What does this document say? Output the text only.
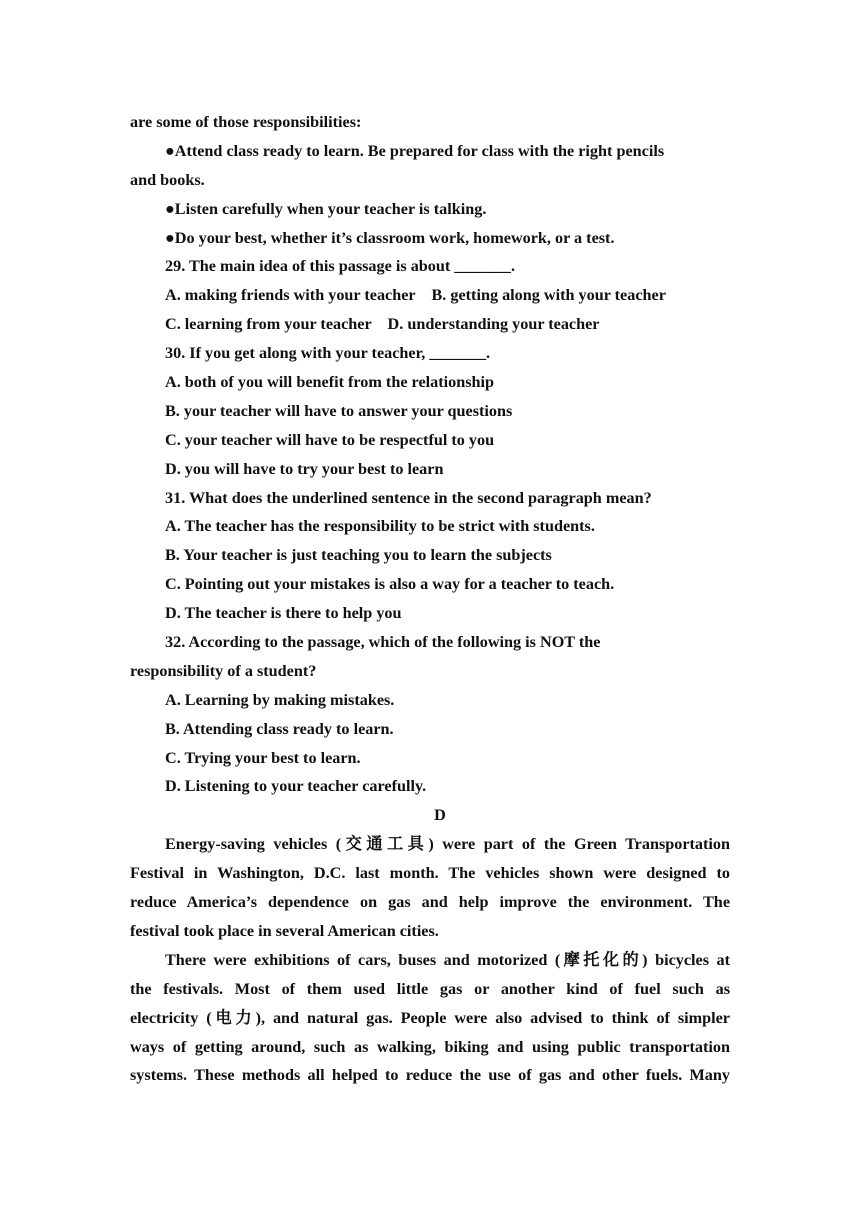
are some of those responsibilities:
●Attend class ready to learn. Be prepared for class with the right pencils
and books.
●Listen carefully when your teacher is talking.
●Do your best, whether it’s classroom work, homework, or a test.
29. The main idea of this passage is about _______.
A. making friends with your teacher    B. getting along with your teacher
C. learning from your teacher    D. understanding your teacher
30. If you get along with your teacher, _______.
A. both of you will benefit from the relationship
B. your teacher will have to answer your questions
C. your teacher will have to be respectful to you
D. you will have to try your best to learn
31. What does the underlined sentence in the second paragraph mean?
A. The teacher has the responsibility to be strict with students.
B. Your teacher is just teaching you to learn the subjects
C. Pointing out your mistakes is also a way for a teacher to teach.
D. The teacher is there to help you
32. According to the passage, which of the following is NOT the
responsibility of a student?
A. Learning by making mistakes.
B. Attending class ready to learn.
C. Trying your best to learn.
D. Listening to your teacher carefully.
D
Energy-saving vehicles (交通工具) were part of the Green Transportation
Festival in Washington, D.C. last month. The vehicles shown were designed to
reduce America’s dependence on gas and help improve the environment. The
festival took place in several American cities.
There were exhibitions of cars, buses and motorized (摩托化的) bicycles at
the festivals. Most of them used little gas or another kind of fuel such as
electricity (电力), and natural gas. People were also advised to think of simpler
ways of getting around, such as walking, biking and using public transportation
systems. These methods all helped to reduce the use of gas and other fuels. Many
